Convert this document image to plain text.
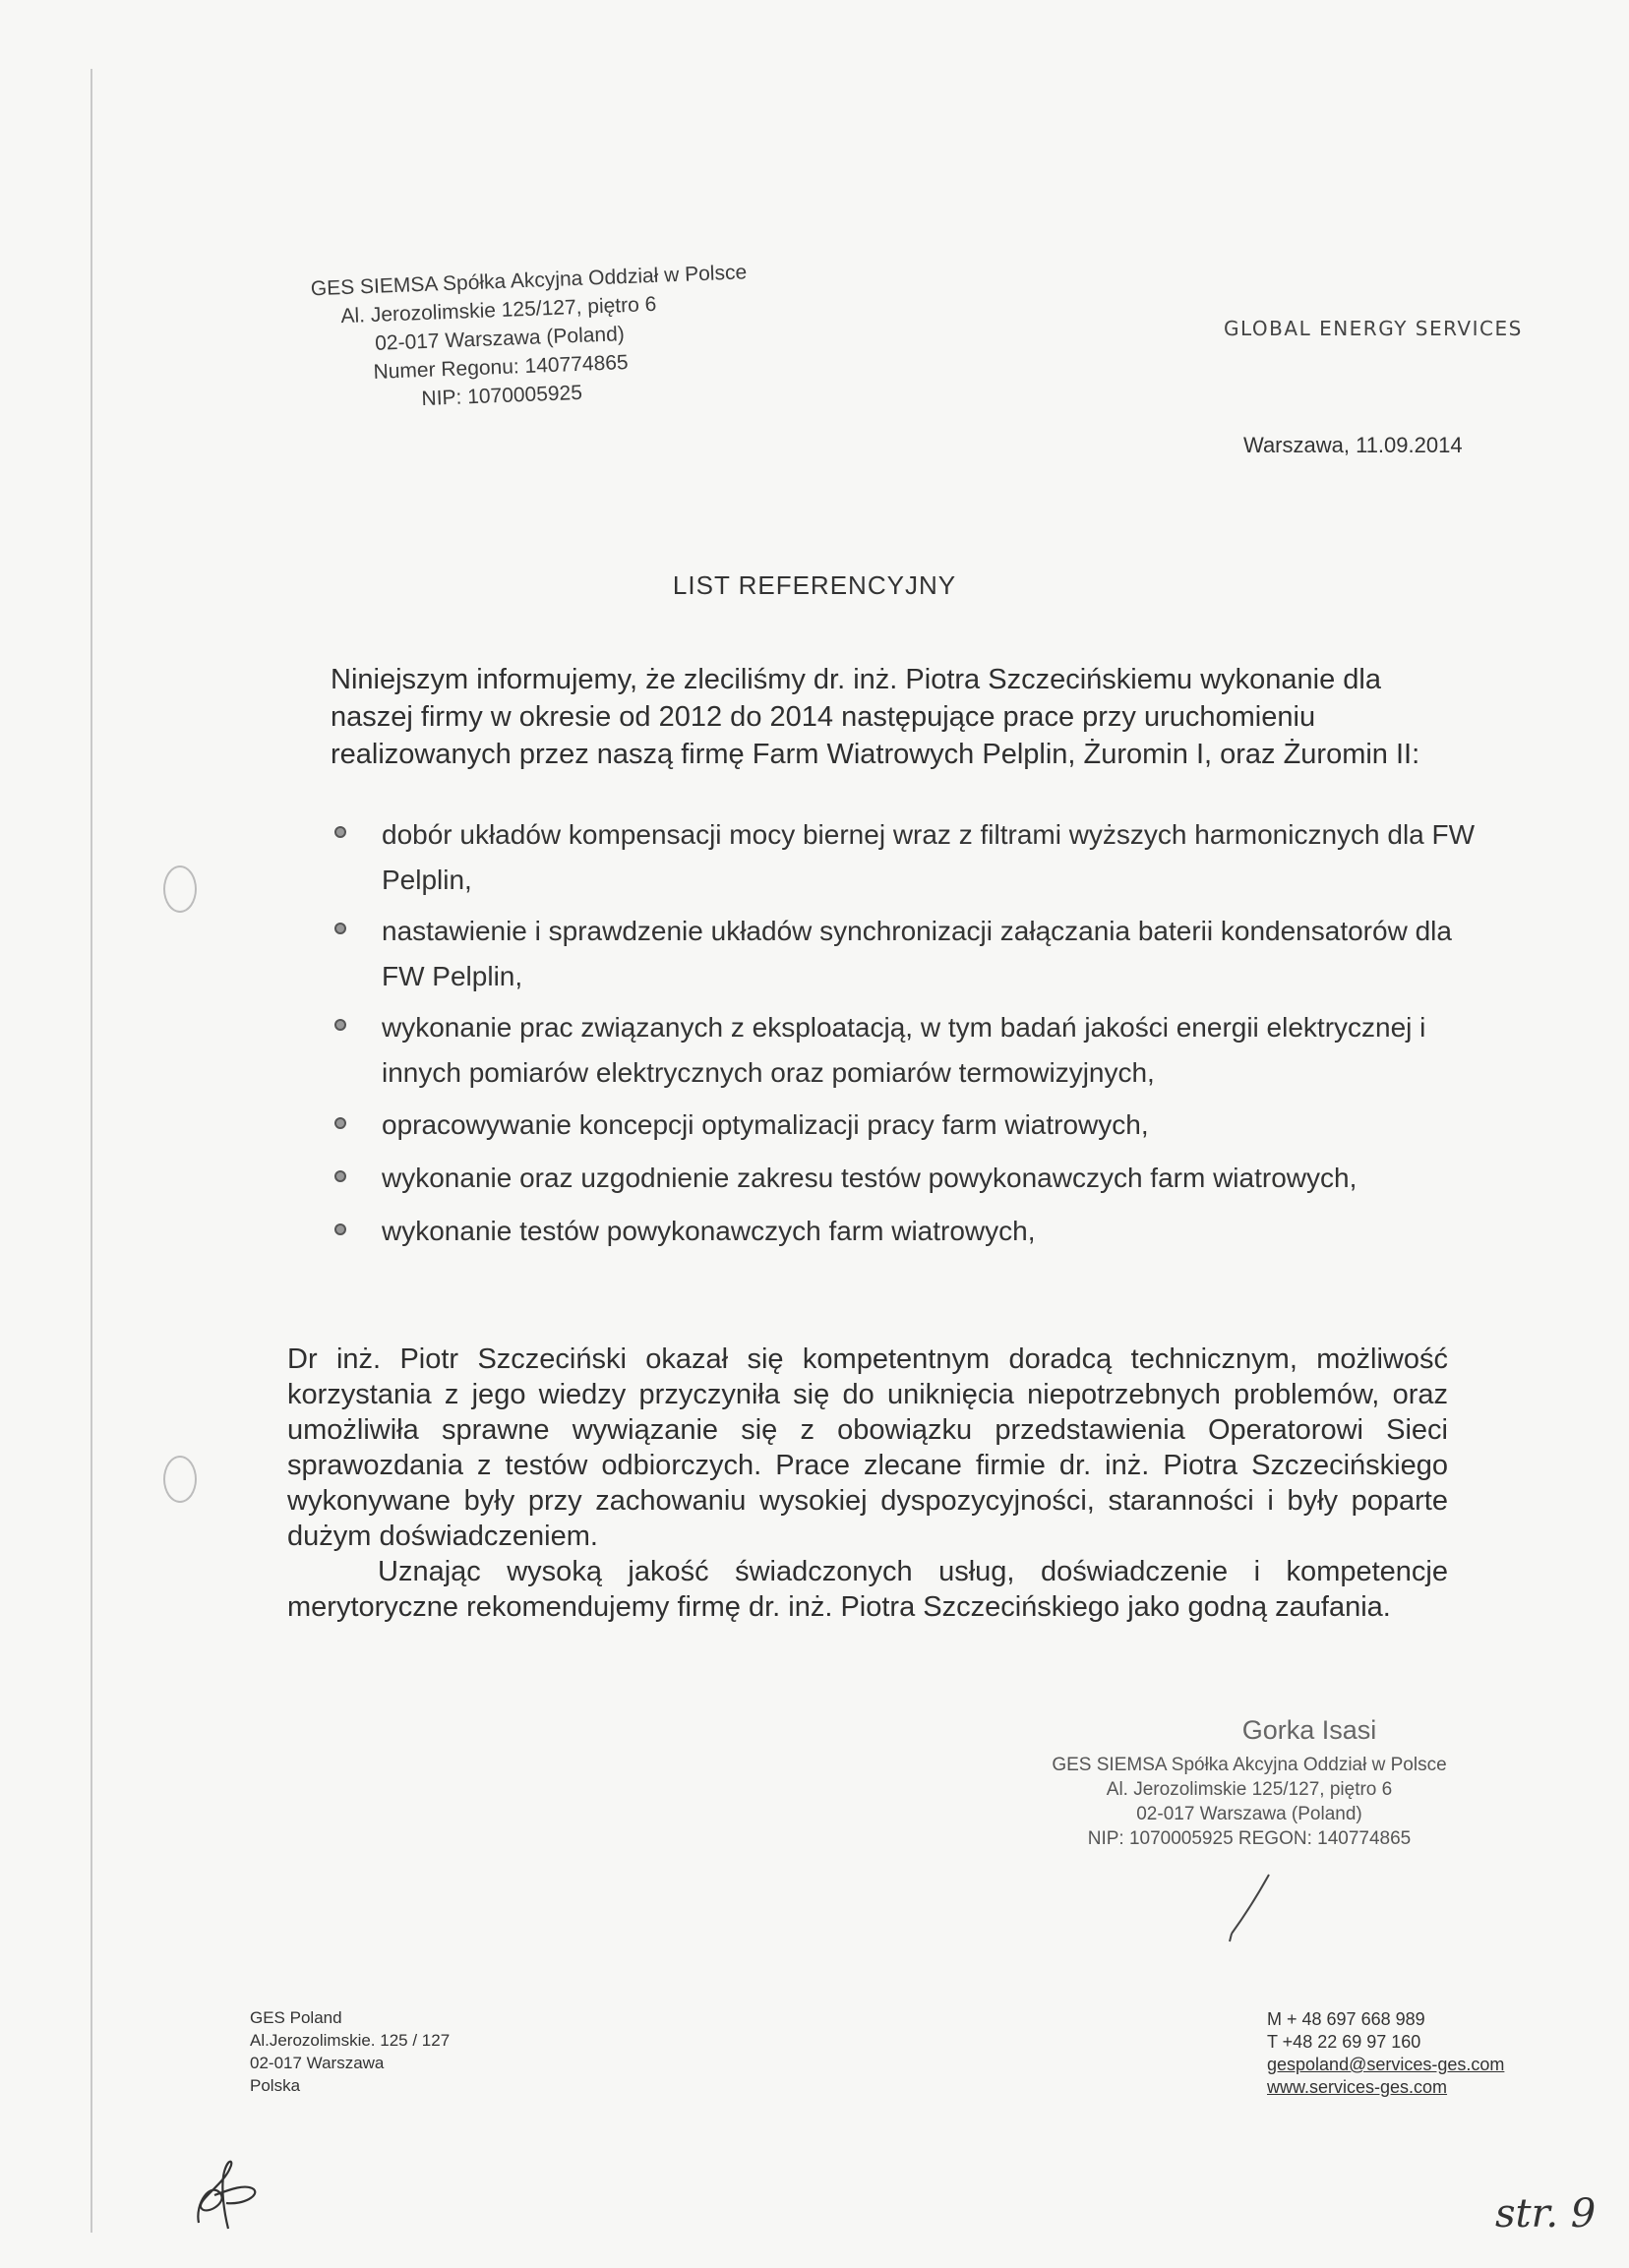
GES SIEMSA Spółka Akcyjna Oddział w Polsce
Al. Jerozolimskie 125/127, piętro 6
02-017 Warszawa (Poland)
Numer Regonu: 140774865
NIP: 1070005925
GLOBAL ENERGY SERVICES
Warszawa, 11.09.2014
LIST REFERENCYJNY
Niniejszym informujemy, że zleciliśmy dr. inż. Piotra Szczecińskiemu wykonanie dla
naszej firmy w okresie od 2012 do 2014 następujące prace przy uruchomieniu
realizowanych przez naszą firmę Farm Wiatrowych Pelplin, Żuromin I, oraz Żuromin II:
dobór układów kompensacji mocy biernej wraz z filtrami wyższych harmonicznych dla FW Pelplin,
nastawienie i sprawdzenie układów synchronizacji załączania baterii kondensatorów dla FW Pelplin,
wykonanie prac związanych z eksploatacją, w tym badań jakości energii elektrycznej i innych pomiarów elektrycznych oraz pomiarów termowizyjnych,
opracowywanie koncepcji optymalizacji pracy farm wiatrowych,
wykonanie oraz uzgodnienie zakresu testów powykonawczych farm wiatrowych,
wykonanie testów powykonawczych farm wiatrowych,

Dr inż. Piotr Szczeciński okazał się kompetentnym doradcą technicznym, możliwość korzystania z jego wiedzy przyczyniła się do uniknięcia niepotrzebnych problemów, oraz umożliwiła sprawne wywiązanie się z obowiązku przedstawienia Operatorowi Sieci sprawozdania z testów odbiorczych. Prace zlecane firmie dr. inż. Piotra Szczecińskiego wykonywane były przy zachowaniu wysokiej dyspozycyjności, staranności i były poparte dużym doświadczeniem.

Uznając wysoką jakość świadczonych usług, doświadczenie i kompetencje merytoryczne rekomendujemy firmę dr. inż. Piotra Szczecińskiego jako godną zaufania.

Gorka Isasi
GES SIEMSA Spółka Akcyjna Oddział w Polsce
Al. Jerozolimskie 125/127, piętro 6
02-017 Warszawa (Poland)
NIP: 1070005925 REGON: 140774865
GES Poland
Al.Jerozolimskie. 125 / 127
02-017 Warszawa
Polska
M + 48 697 668 989
T +48 22 69 97 160
gespoland@services-ges.com
www.services-ges.com
str. 9
